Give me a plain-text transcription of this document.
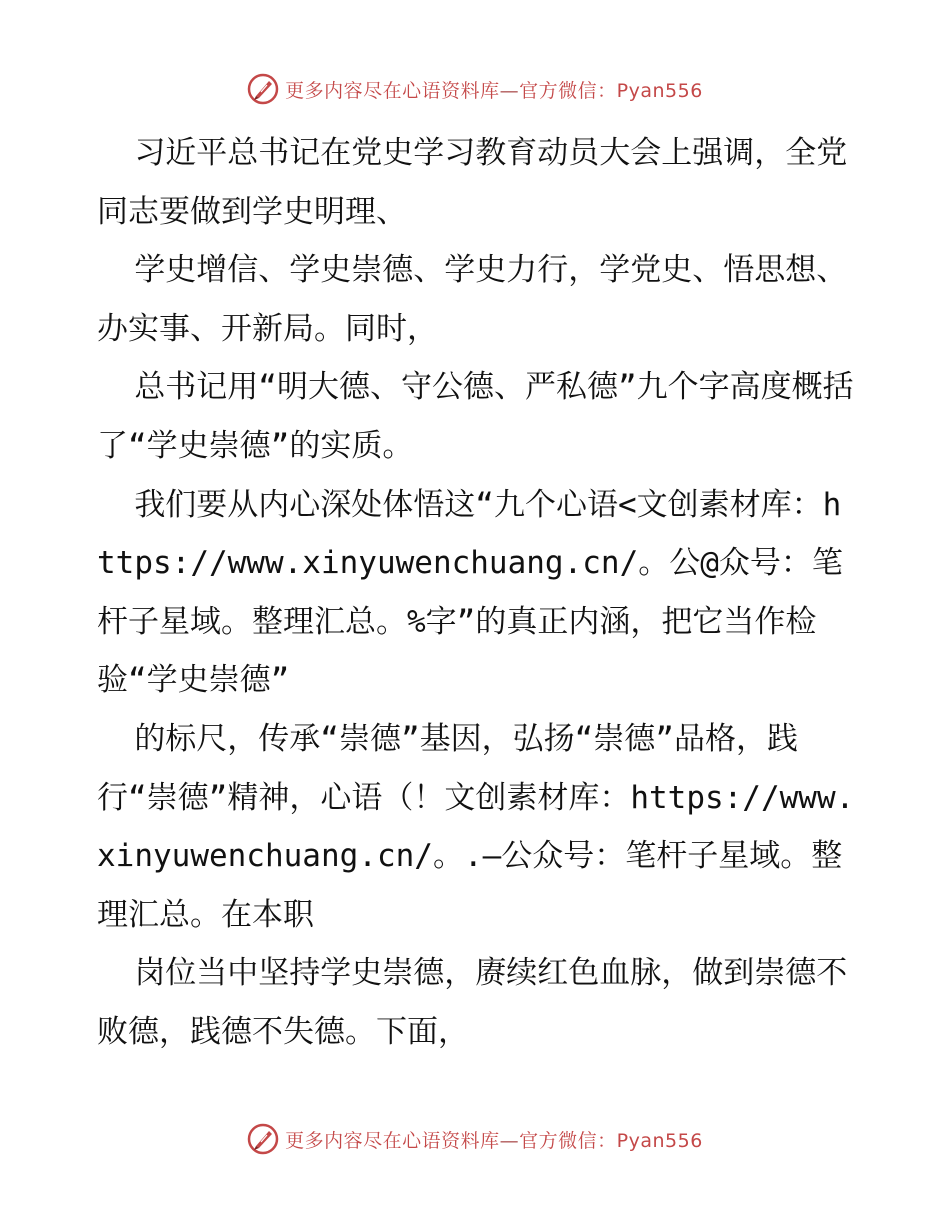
更多内容尽在心语资料库—官方微信：Pyan556

习近平总书记在党史学习教育动员大会上强调，全党同志要做到学史明理、

学史增信、学史崇德、学史力行，学党史、悟思想、办实事、开新局。同时，

总书记用“明大德、守公德、严私德”九个字高度概括了“学史崇德”的实质。

我们要从内心深处体悟这“九个心语<文创素材库：https://www.xinyuwenchuang.cn/。公@众号：笔杆子星域。整理汇总。%字”的真正内涵，把它当作检验“学史崇德”

的标尺，传承“崇德”基因，弘扬“崇德”品格，践行“崇德”精神，心语（！文创素材库：https://www.xinyuwenchuang.cn/。.—公众号：笔杆子星域。整理汇总。在本职

岗位当中坚持学史崇德，赓续红色血脉，做到崇德不败德，践德不失德。下面，

更多内容尽在心语资料库—官方微信：Pyan556
